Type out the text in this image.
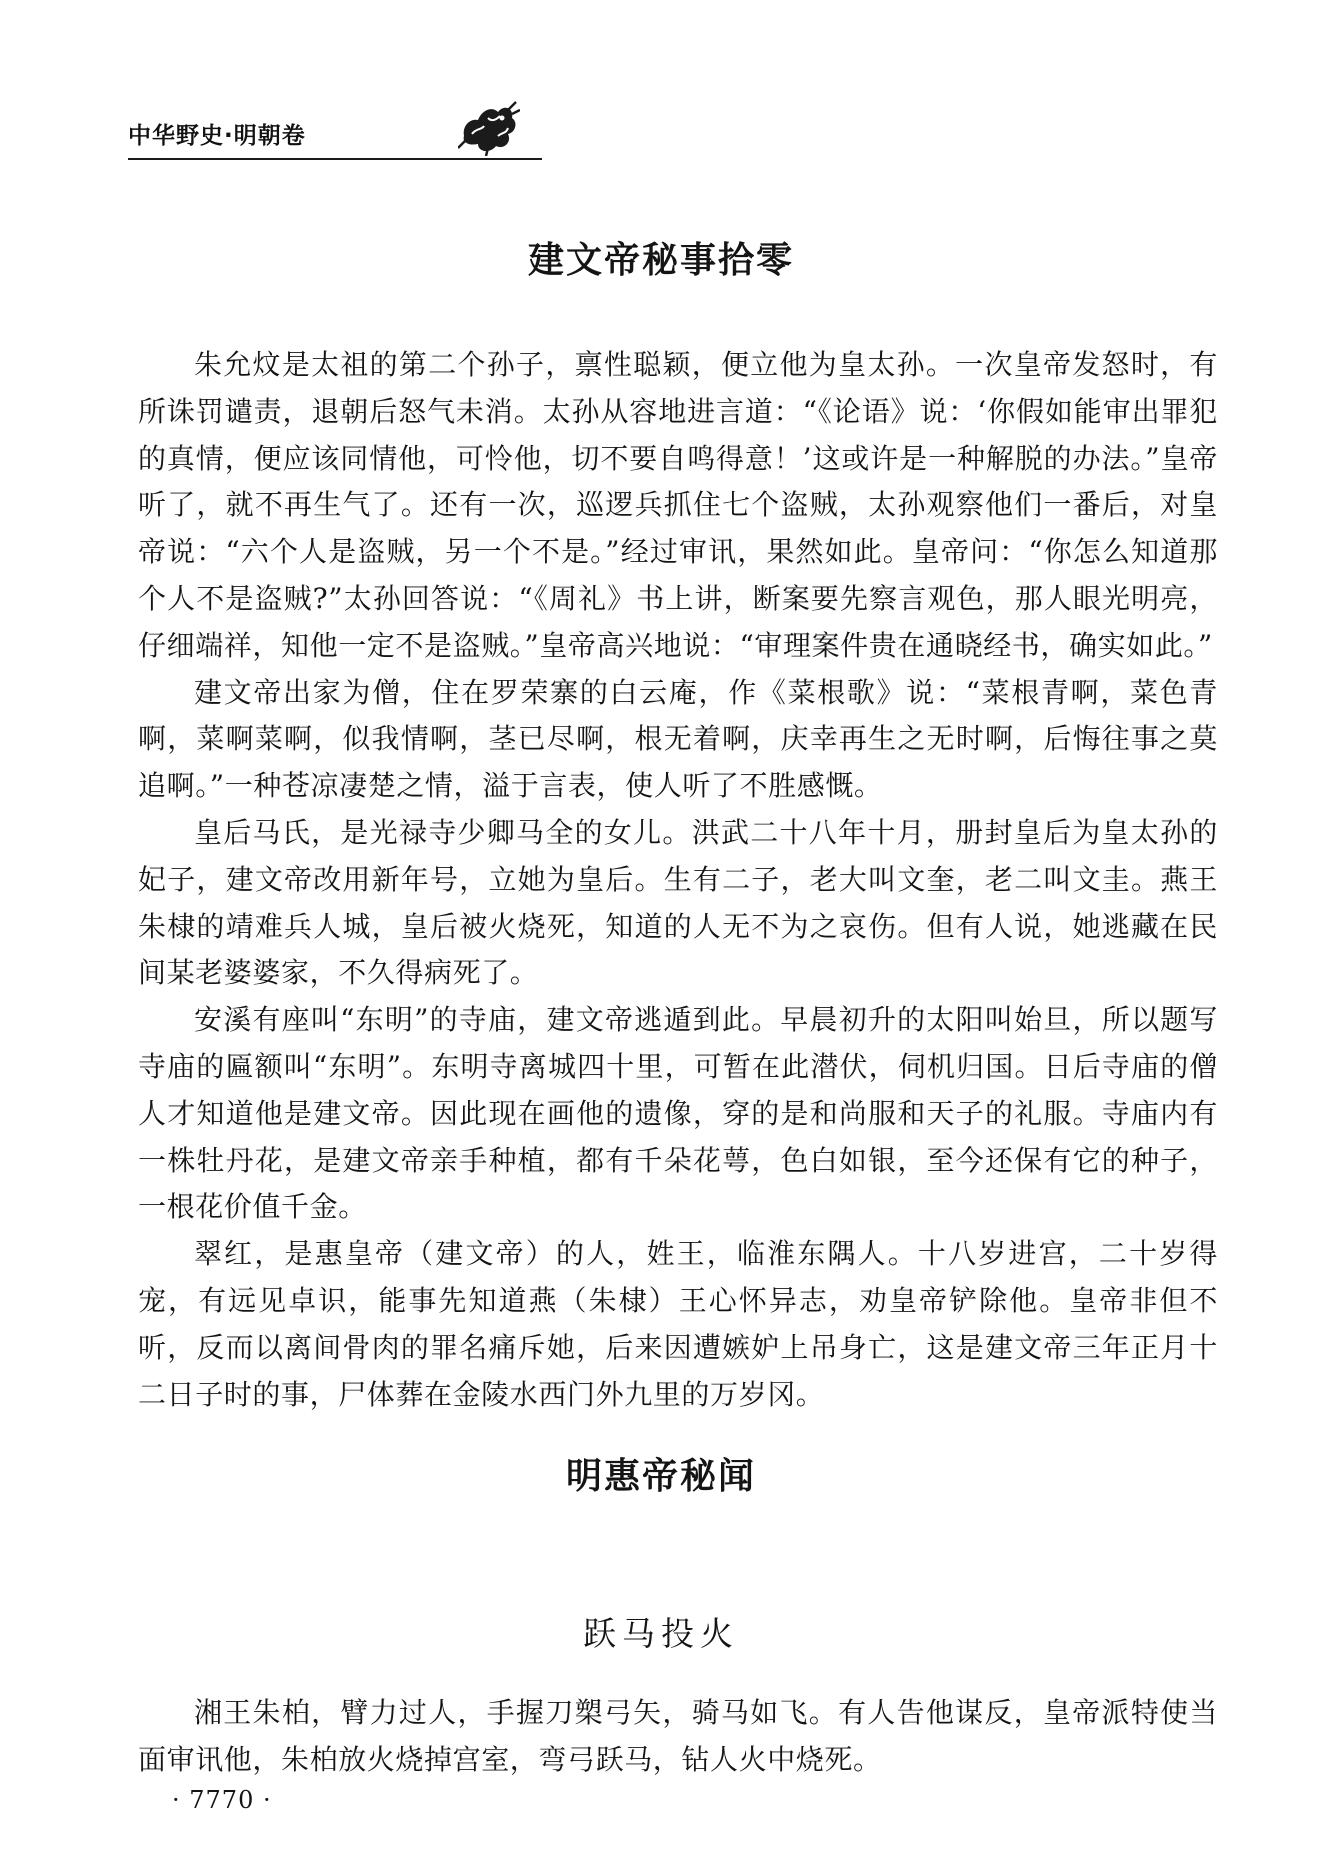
中华野史·明朝卷
建文帝秘事拾零

朱允炆是太祖的第二个孙子，禀性聪颖，便立他为皇太孙。一次皇帝发怒时，有所诛罚谴责，退朝后怒气未消。太孙从容地进言道：“《论语》说：‘你假如能审出罪犯的真情，便应该同情他，可怜他，切不要自鸣得意！’这或许是一种解脱的办法。”皇帝听了，就不再生气了。还有一次，巡逻兵抓住七个盗贼，太孙观察他们一番后，对皇帝说：“六个人是盗贼，另一个不是。”经过审讯，果然如此。皇帝问：“你怎么知道那个人不是盗贼?”太孙回答说：“《周礼》书上讲，断案要先察言观色，那人眼光明亮，仔细端祥，知他一定不是盗贼。”皇帝高兴地说：“审理案件贵在通晓经书，确实如此。”

建文帝出家为僧，住在罗荣寨的白云庵，作《菜根歌》说：“菜根青啊，菜色青啊，菜啊菜啊，似我情啊，茎已尽啊，根无着啊，庆幸再生之无时啊，后悔往事之莫追啊。”一种苍凉凄楚之情，溢于言表，使人听了不胜感慨。

皇后马氏，是光禄寺少卿马全的女儿。洪武二十八年十月，册封皇后为皇太孙的妃子，建文帝改用新年号，立她为皇后。生有二子，老大叫文奎，老二叫文圭。燕王朱棣的靖难兵人城，皇后被火烧死，知道的人无不为之哀伤。但有人说，她逃藏在民间某老婆婆家，不久得病死了。

安溪有座叫“东明”的寺庙，建文帝逃遁到此。早晨初升的太阳叫始旦，所以题写寺庙的匾额叫“东明”。东明寺离城四十里，可暂在此潜伏，伺机归国。日后寺庙的僧人才知道他是建文帝。因此现在画他的遗像，穿的是和尚服和天子的礼服。寺庙内有一株牡丹花，是建文帝亲手种植，都有千朵花萼，色白如银，至今还保有它的种子，一根花价值千金。

翠红，是惠皇帝（建文帝）的人，姓王，临淮东隅人。十八岁进宫，二十岁得宠，有远见卓识，能事先知道燕（朱棣）王心怀异志，劝皇帝铲除他。皇帝非但不听，反而以离间骨肉的罪名痛斥她，后来因遭嫉妒上吊身亡，这是建文帝三年正月十二日子时的事，尸体葬在金陵水西门外九里的万岁冈。

明惠帝秘闻
跃马投火

湘王朱柏，臂力过人，手握刀槊弓矢，骑马如飞。有人告他谋反，皇帝派特使当面审讯他，朱柏放火烧掉宫室，弯弓跃马，钻人火中烧死。

· 7770 ·
